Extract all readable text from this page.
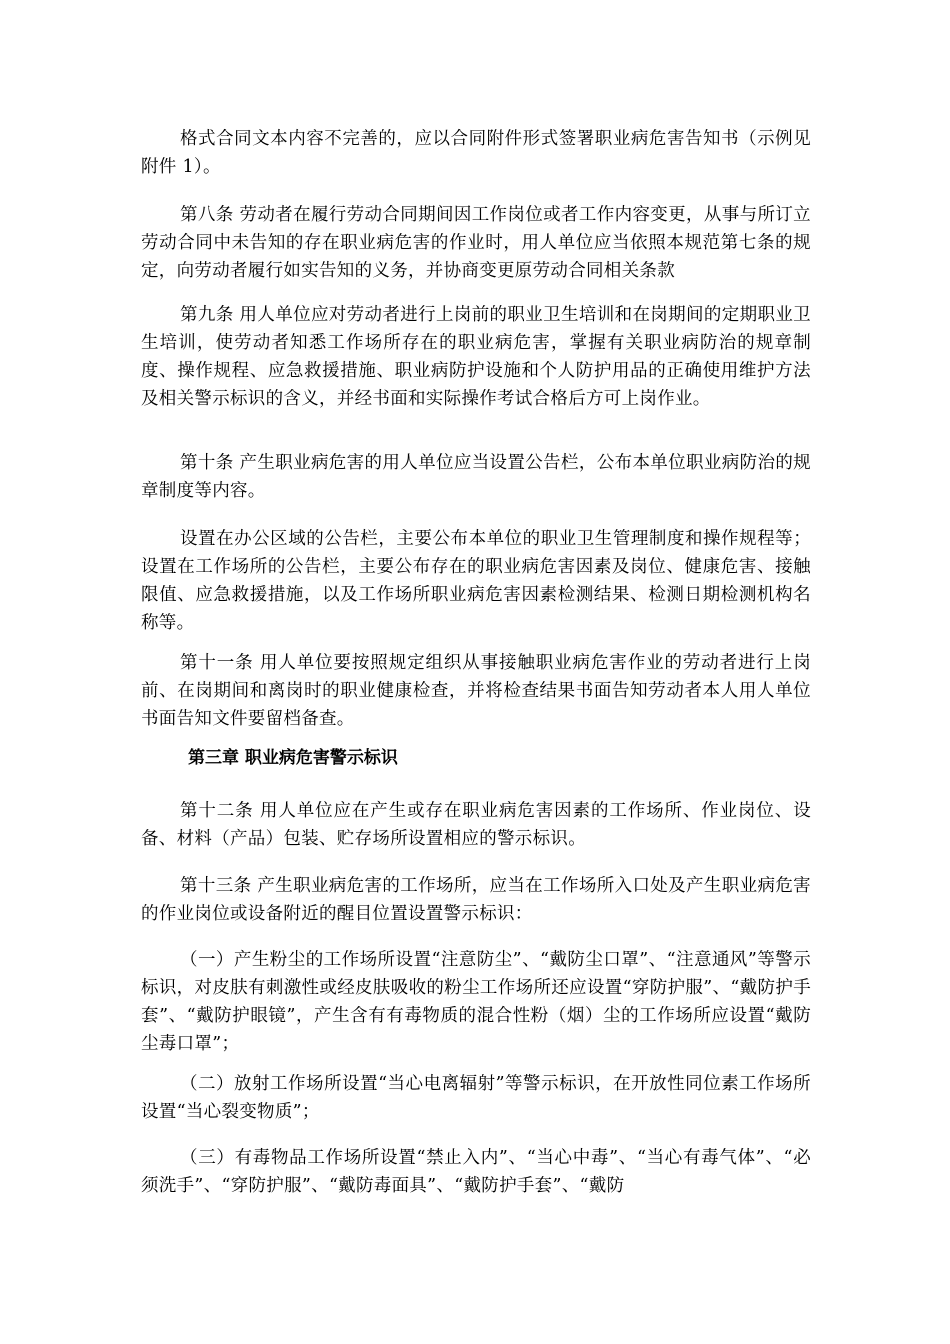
格式合同文本内容不完善的，应以合同附件形式签署职业病危害告知书（示例见附件 1）。

第八条 劳动者在履行劳动合同期间因工作岗位或者工作内容变更，从事与所订立劳动合同中未告知的存在职业病危害的作业时，用人单位应当依照本规范第七条的规定，向劳动者履行如实告知的义务，并协商变更原劳动合同相关条款

第九条 用人单位应对劳动者进行上岗前的职业卫生培训和在岗期间的定期职业卫生培训，使劳动者知悉工作场所存在的职业病危害，掌握有关职业病防治的规章制度、操作规程、应急救援措施、职业病防护设施和个人防护用品的正确使用维护方法及相关警示标识的含义，并经书面和实际操作考试合格后方可上岗作业。

第十条 产生职业病危害的用人单位应当设置公告栏，公布本单位职业病防治的规章制度等内容。

设置在办公区域的公告栏，主要公布本单位的职业卫生管理制度和操作规程等；设置在工作场所的公告栏，主要公布存在的职业病危害因素及岗位、健康危害、接触限值、应急救援措施，以及工作场所职业病危害因素检测结果、检测日期检测机构名称等。

第十一条 用人单位要按照规定组织从事接触职业病危害作业的劳动者进行上岗前、在岗期间和离岗时的职业健康检查，并将检查结果书面告知劳动者本人用人单位书面告知文件要留档备查。

第三章 职业病危害警示标识

第十二条 用人单位应在产生或存在职业病危害因素的工作场所、作业岗位、设备、材料（产品）包装、贮存场所设置相应的警示标识。

第十三条 产生职业病危害的工作场所，应当在工作场所入口处及产生职业病危害的作业岗位或设备附近的醒目位置设置警示标识：

（一）产生粉尘的工作场所设置“注意防尘”、“戴防尘口罩”、“注意通风”等警示标识，对皮肤有刺激性或经皮肤吸收的粉尘工作场所还应设置“穿防护服”、“戴防护手套”、“戴防护眼镜”，产生含有有毒物质的混合性粉（烟）尘的工作场所应设置“戴防尘毒口罩”；

（二）放射工作场所设置“当心电离辐射”等警示标识，在开放性同位素工作场所设置“当心裂变物质”；

（三）有毒物品工作场所设置“禁止入内”、“当心中毒”、“当心有毒气体”、“必须洗手”、“穿防护服”、“戴防毒面具”、“戴防护手套”、“戴防
